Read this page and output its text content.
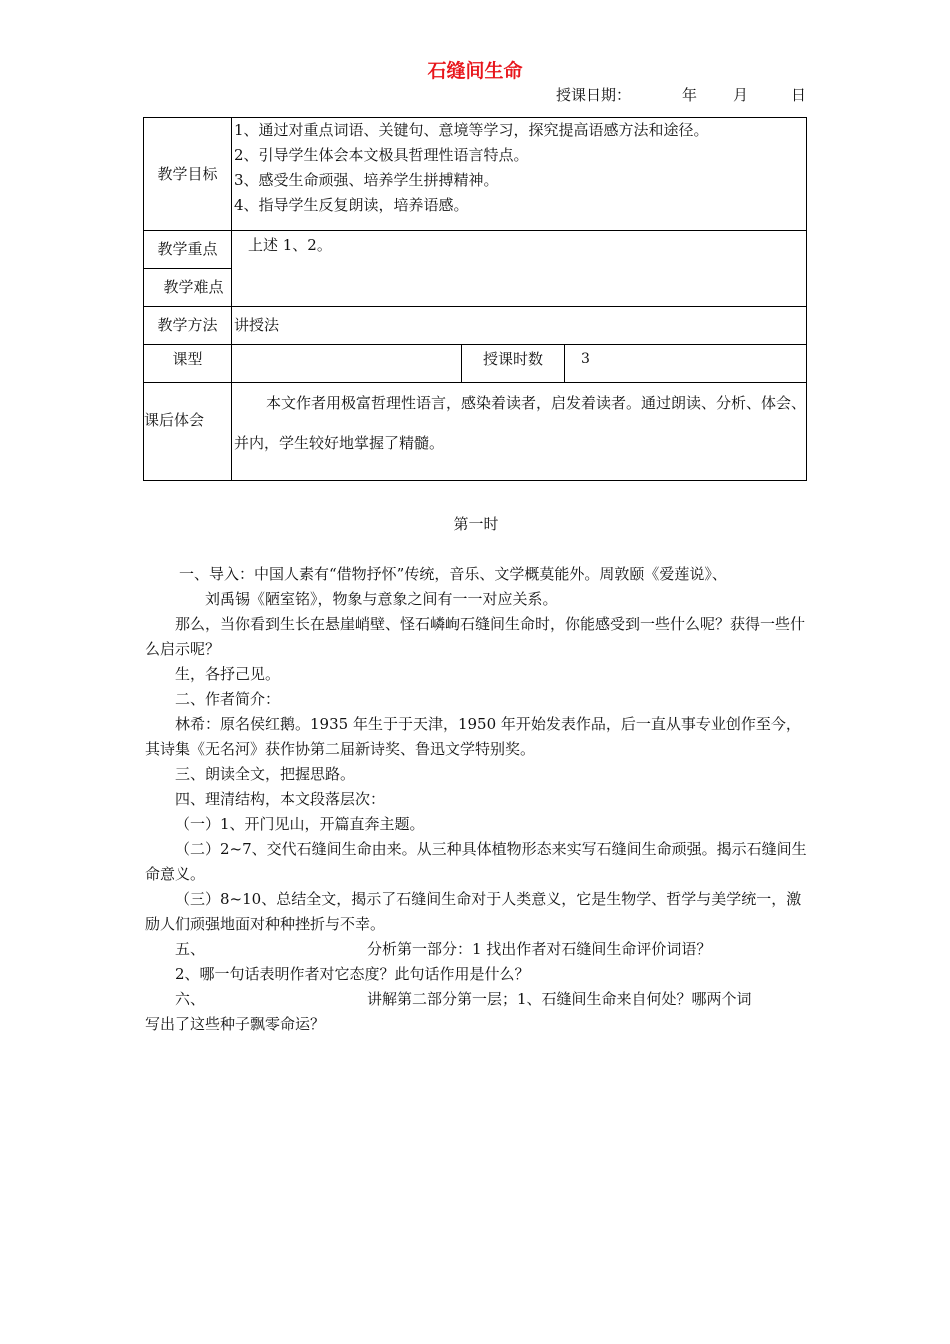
石缝间生命

授课日期：

	年

月

	日

教学目标	1、通过对重点词语、关键句、意境等学习，探究提高语感方法和途径。
2、引导学生体会本文极具哲理性语言特点。
3、感受生命顽强、培养学生拼搏精神。
4、指导学生反复朗读，培养语感。		

教学重点	上述 1、2。		
教学难点			
教学方法	讲授法		
课型		授课时数	3
课后体会	本文作者用极富哲理性语言，感染着读者，启发着读者。通过朗读、分析、体会、并内，学生较好地掌握了精髓。		
第一时
一、导入：中国人素有“借物抒怀”传统，音乐、文学概莫能外。周敦颐《爱莲说》、
刘禹锡《陋室铭》，物象与意象之间有一一对应关系。
那么，当你看到生长在悬崖峭壁、怪石嶙峋石缝间生命时，你能感受到一些什么呢？获得一些什么启示呢？
生，各抒己见。
二、作者简介：
林希：原名侯红鹅。1935 年生于于天津，1950 年开始发表作品，后一直从事专业创作至今，其诗集《无名河》获作协第二届新诗奖、鲁迅文学特别奖。
三、朗读全文，把握思路。
四、理清结构，本文段落层次：
（一）1、开门见山，开篇直奔主题。
（二）2~7、交代石缝间生命由来。从三种具体植物形态来实写石缝间生命顽强。揭示石缝间生命意义。
（三）8~10、总结全文，揭示了石缝间生命对于人类意义，它是生物学、哲学与美学统一，激励人们顽强地面对种种挫折与不幸。
五、	分析第一部分：1 找出作者对石缝间生命评价词语？
2、哪一句话表明作者对它态度？此句话作用是什么？
六、	讲解第二部分第一层；1、石缝间生命来自何处？哪两个词
写出了这些种子飘零命运？
